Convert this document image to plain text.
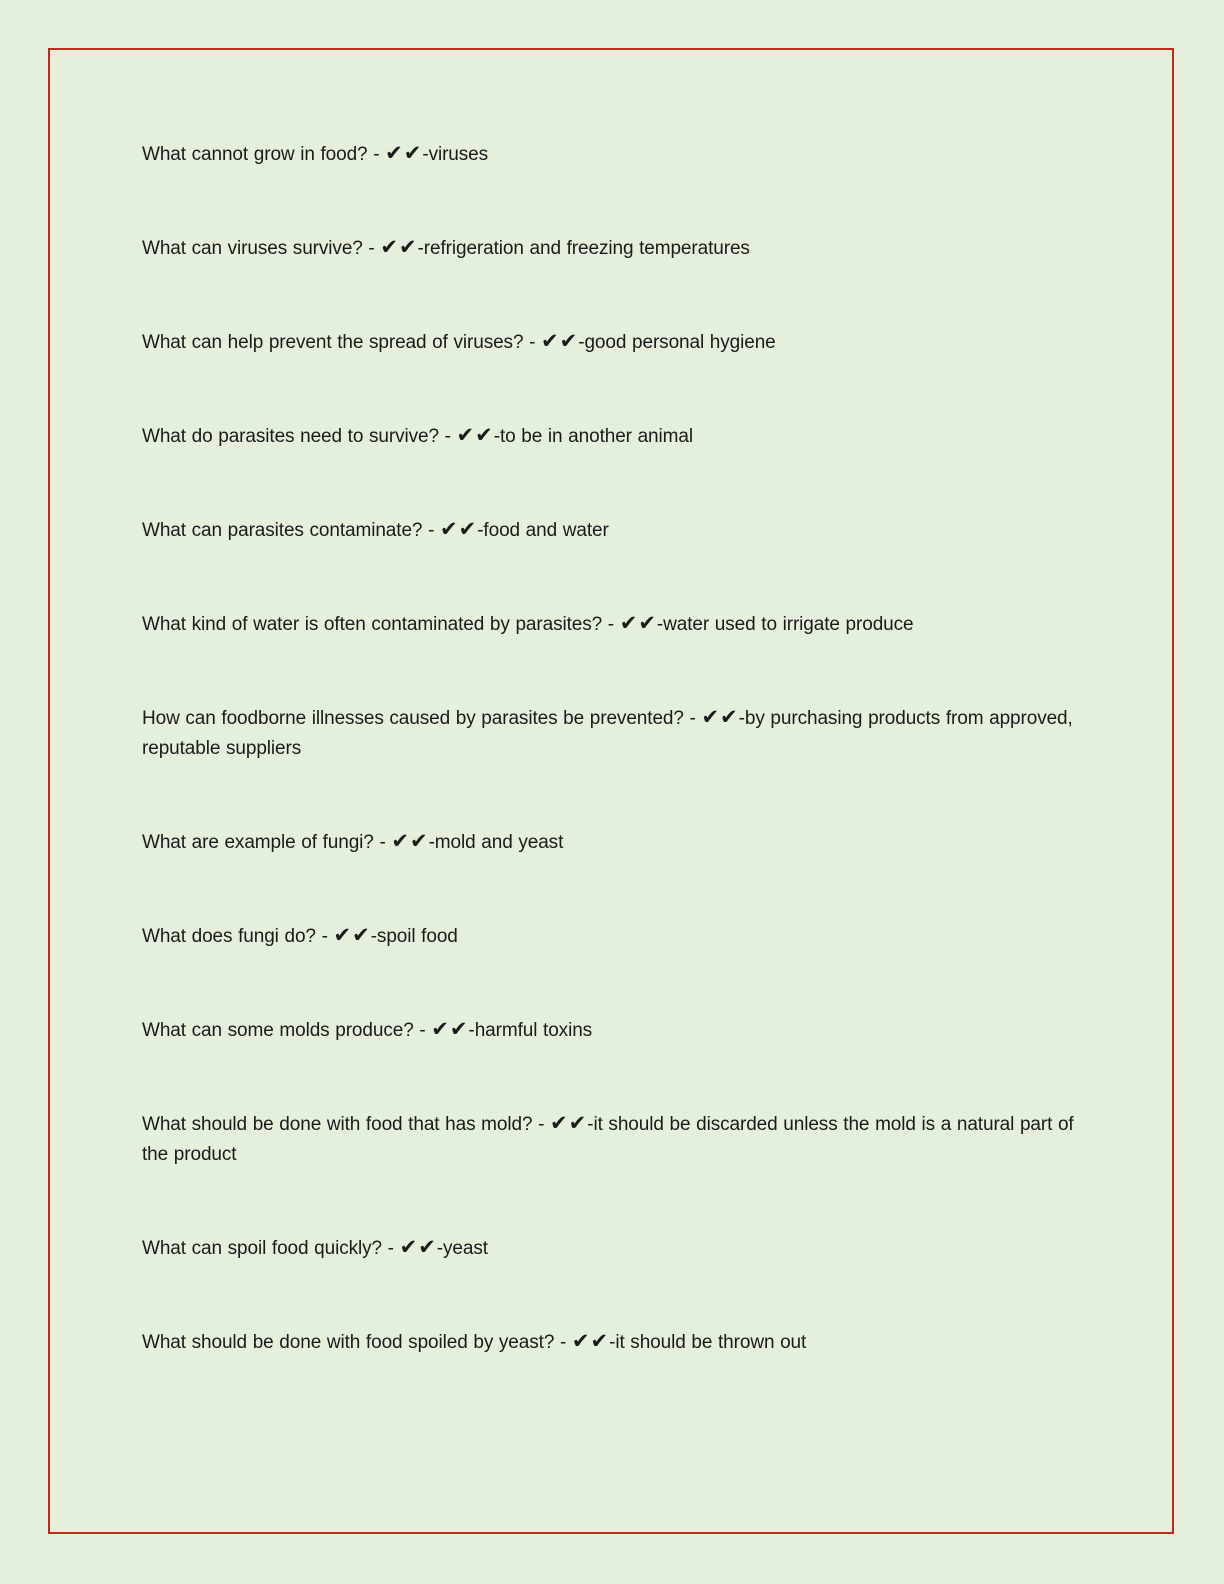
What cannot grow in food? - ✔✔-viruses

What can viruses survive? - ✔✔-refrigeration and freezing temperatures

What can help prevent the spread of viruses? - ✔✔-good personal hygiene

What do parasites need to survive? - ✔✔-to be in another animal

What can parasites contaminate? - ✔✔-food and water

What kind of water is often contaminated by parasites? - ✔✔-water used to irrigate produce

How can foodborne illnesses caused by parasites be prevented? - ✔✔-by purchasing products from approved, reputable suppliers

What are example of fungi? - ✔✔-mold and yeast

What does fungi do? - ✔✔-spoil food

What can some molds produce? - ✔✔-harmful toxins

What should be done with food that has mold? - ✔✔-it should be discarded unless the mold is a natural part of the product

What can spoil food quickly? - ✔✔-yeast

What should be done with food spoiled by yeast? - ✔✔-it should be thrown out
